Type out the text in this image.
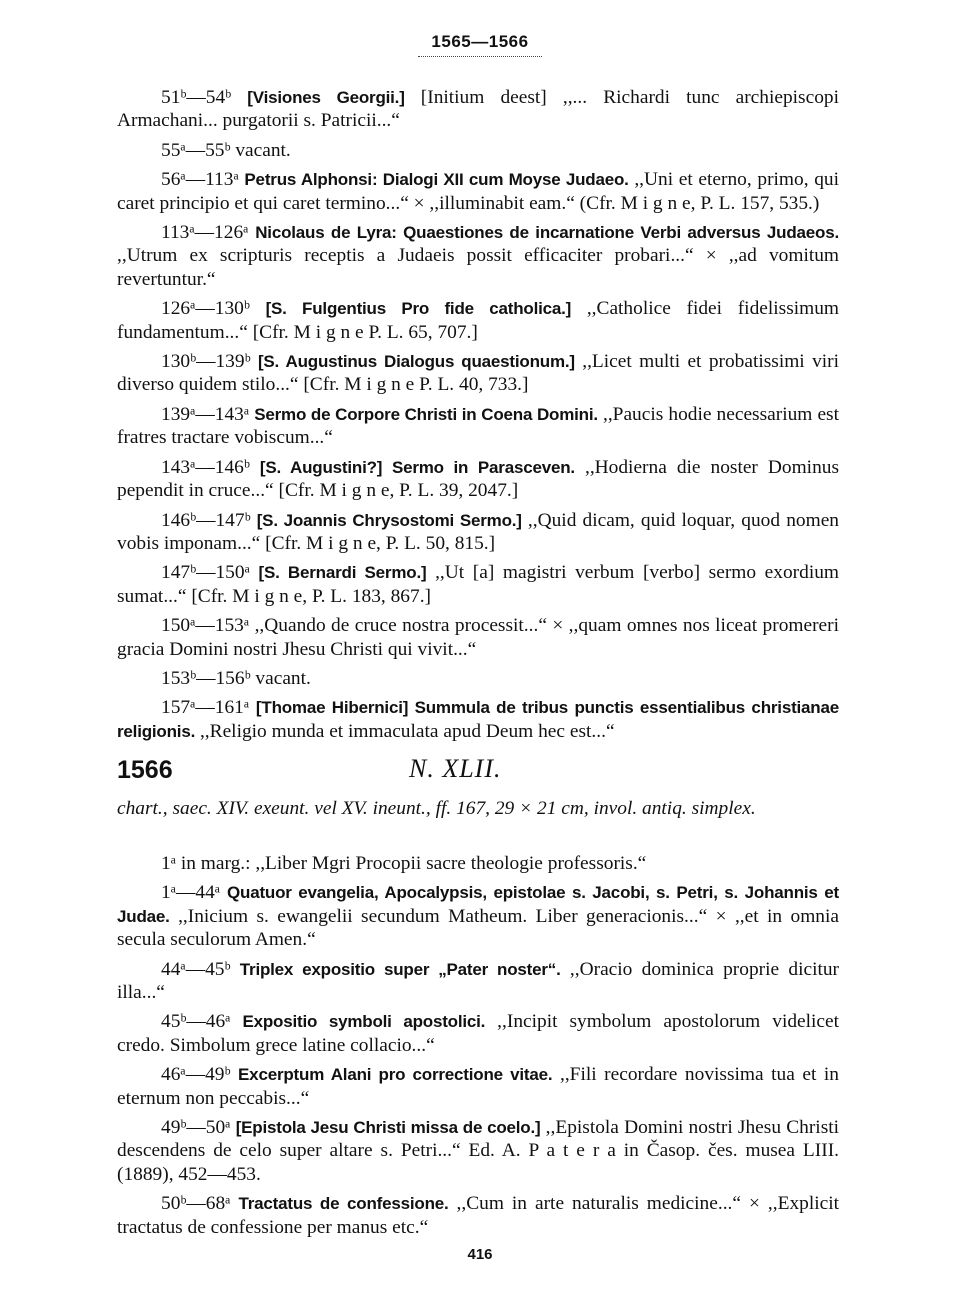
1565—1566

51ᵇ—54ᵇ [Visiones Georgii.] [Initium deest] ,,... Richardi tunc archiepiscopi Armachani... purgatorii s. Patricii...“

55ᵃ—55ᵇ vacant.

56ᵃ—113ᵃ Petrus Alphonsi: Dialogi XII cum Moyse Judaeo. ,,Uni et eterno, primo, qui caret principio et qui caret termino...“ × ,,illuminabit eam.“ (Cfr. M i g n e, P. L. 157, 535.)

113ᵃ—126ᵃ Nicolaus de Lyra: Quaestiones de incarnatione Verbi adversus Judaeos. ,,Utrum ex scripturis receptis a Judaeis possit efficaciter probari...“ × ,,ad vomitum revertuntur.“

126ᵃ—130ᵇ [S. Fulgentius Pro fide catholica.] ,,Catholice fidei fidelissimum fundamentum...“ [Cfr. M i g n e P. L. 65, 707.]

130ᵇ—139ᵇ [S. Augustinus Dialogus quaestionum.] ,,Licet multi et probatissimi viri diverso quidem stilo...“ [Cfr. M i g n e P. L. 40, 733.]

139ᵃ—143ᵃ Sermo de Corpore Christi in Coena Domini. ,,Paucis hodie necessarium est fratres tractare vobiscum...“

143ᵃ—146ᵇ [S. Augustini?] Sermo in Parasceven. ,,Hodierna die noster Dominus pependit in cruce...“ [Cfr. M i g n e, P. L. 39, 2047.]

146ᵇ—147ᵇ [S. Joannis Chrysostomi Sermo.] ,,Quid dicam, quid loquar, quod nomen vobis imponam...“ [Cfr. M i g n e, P. L. 50, 815.]

147ᵇ—150ᵃ [S. Bernardi Sermo.] ,,Ut [a] magistri verbum [verbo] sermo exordium sumat...“ [Cfr. M i g n e, P. L. 183, 867.]

150ᵃ—153ᵃ ,,Quando de cruce nostra processit...“ × ,,quam omnes nos liceat promereri gracia Domini nostri Jhesu Christi qui vivit...“

153ᵇ—156ᵇ vacant.

157ᵃ—161ᵃ [Thomae Hibernici] Summula de tribus punctis essentialibus christianae religionis. ,,Religio munda et immaculata apud Deum hec est...“

1566	N. XLII.
chart., saec. XIV. exeunt. vel XV. ineunt., ff. 167, 29 × 21 cm, invol. antiq. simplex.

1ᵃ in marg.: ,,Liber Mgri Procopii sacre theologie professoris.“

1ᵃ—44ᵃ Quatuor evangelia, Apocalypsis, epistolae s. Jacobi, s. Petri, s. Johannis et Judae. ,,Inicium s. ewangelii secundum Matheum. Liber generacionis...“ × ,,et in omnia secula seculorum Amen.“

44ᵃ—45ᵇ Triplex expositio super „Pater noster“. ,,Oracio dominica proprie dicitur illa...“

45ᵇ—46ᵃ Expositio symboli apostolici. ,,Incipit symbolum apostolorum videlicet credo. Simbolum grece latine collacio...“

46ᵃ—49ᵇ Excerptum Alani pro correctione vitae. ,,Fili recordare novissima tua et in eternum non peccabis...“

49ᵇ—50ᵃ [Epistola Jesu Christi missa de coelo.] ,,Epistola Domini nostri Jhesu Christi descendens de celo super altare s. Petri...“ Ed. A. P a t e r a in Časop. čes. musea LIII. (1889), 452—453.

50ᵇ—68ᵃ Tractatus de confessione. ,,Cum in arte naturalis medicine...“ × ,,Explicit tractatus de confessione per manus etc.“

416
